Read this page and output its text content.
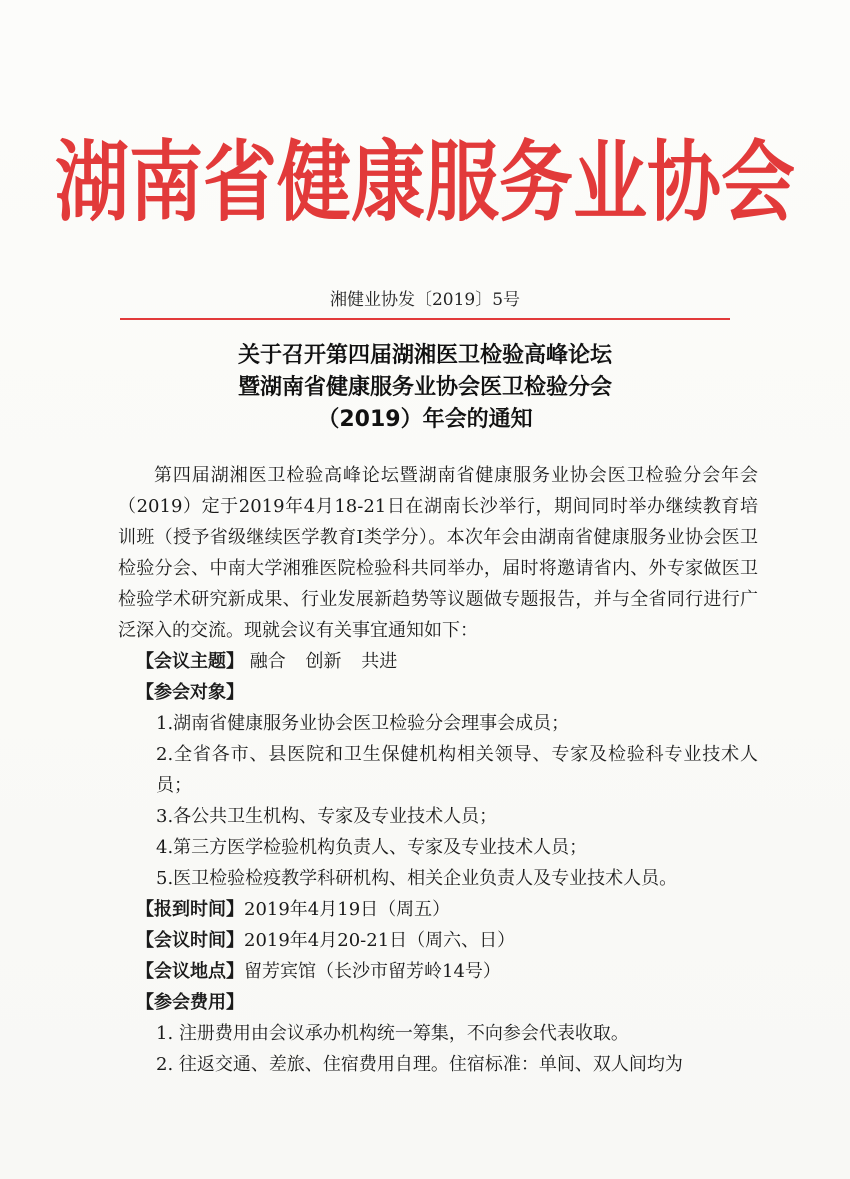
湖南省健康服务业协会
湘健业协发〔2019〕5号
关于召开第四届湖湘医卫检验高峰论坛
暨湖南省健康服务业协会医卫检验分会
（2019）年会的通知

第四届湖湘医卫检验高峰论坛暨湖南省健康服务业协会医卫检验分会年会（2019）定于2019年4月18-21日在湖南长沙举行，期间同时举办继续教育培训班（授予省级继续医学教育Ⅰ类学分）。本次年会由湖南省健康服务业协会医卫检验分会、中南大学湘雅医院检验科共同举办，届时将邀请省内、外专家做医卫检验学术研究新成果、行业发展新趋势等议题做专题报告，并与全省同行进行广泛深入的交流。现就会议有关事宜通知如下：

【会议主题】 融合 创新 共进

【参会对象】

1.湖南省健康服务业协会医卫检验分会理事会成员；

2.全省各市、县医院和卫生保健机构相关领导、专家及检验科专业技术人员；

3.各公共卫生机构、专家及专业技术人员；

4.第三方医学检验机构负责人、专家及专业技术人员；

5.医卫检验检疫教学科研机构、相关企业负责人及专业技术人员。

【报到时间】2019年4月19日（周五）

【会议时间】2019年4月20-21日（周六、日）

【会议地点】留芳宾馆（长沙市留芳岭14号）

【参会费用】

1. 注册费用由会议承办机构统一筹集，不向参会代表收取。

2. 往返交通、差旅、住宿费用自理。住宿标准：单间、双人间均为
